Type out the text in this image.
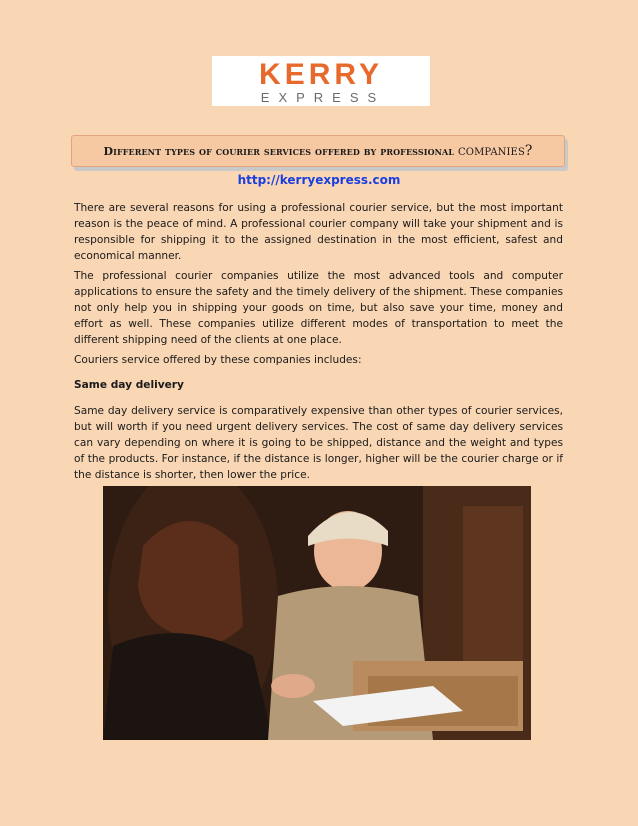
KERRY
EXPRESS
Different types of courier services offered by professional companies?
http://kerryexpress.com
There are several reasons for using a professional courier service, but the most important reason is the peace of mind. A professional courier company will take your shipment and is responsible for shipping it to the assigned destination in the most efficient, safest and economical manner.
The professional courier companies utilize the most advanced tools and computer applications to ensure the safety and the timely delivery of the shipment. These companies not only help you in shipping your goods on time, but also save your time, money and effort as well. These companies utilize different modes of transportation to meet the different shipping need of the clients at one place.
Couriers service offered by these companies includes:
Same day delivery
Same day delivery service is comparatively expensive than other types of courier services, but will worth if you need urgent delivery services. The cost of same day delivery services can vary depending on where it is going to be shipped, distance and the weight and types of the products. For instance, if the distance is longer, higher will be the courier charge or if the distance is shorter, then lower the price.
